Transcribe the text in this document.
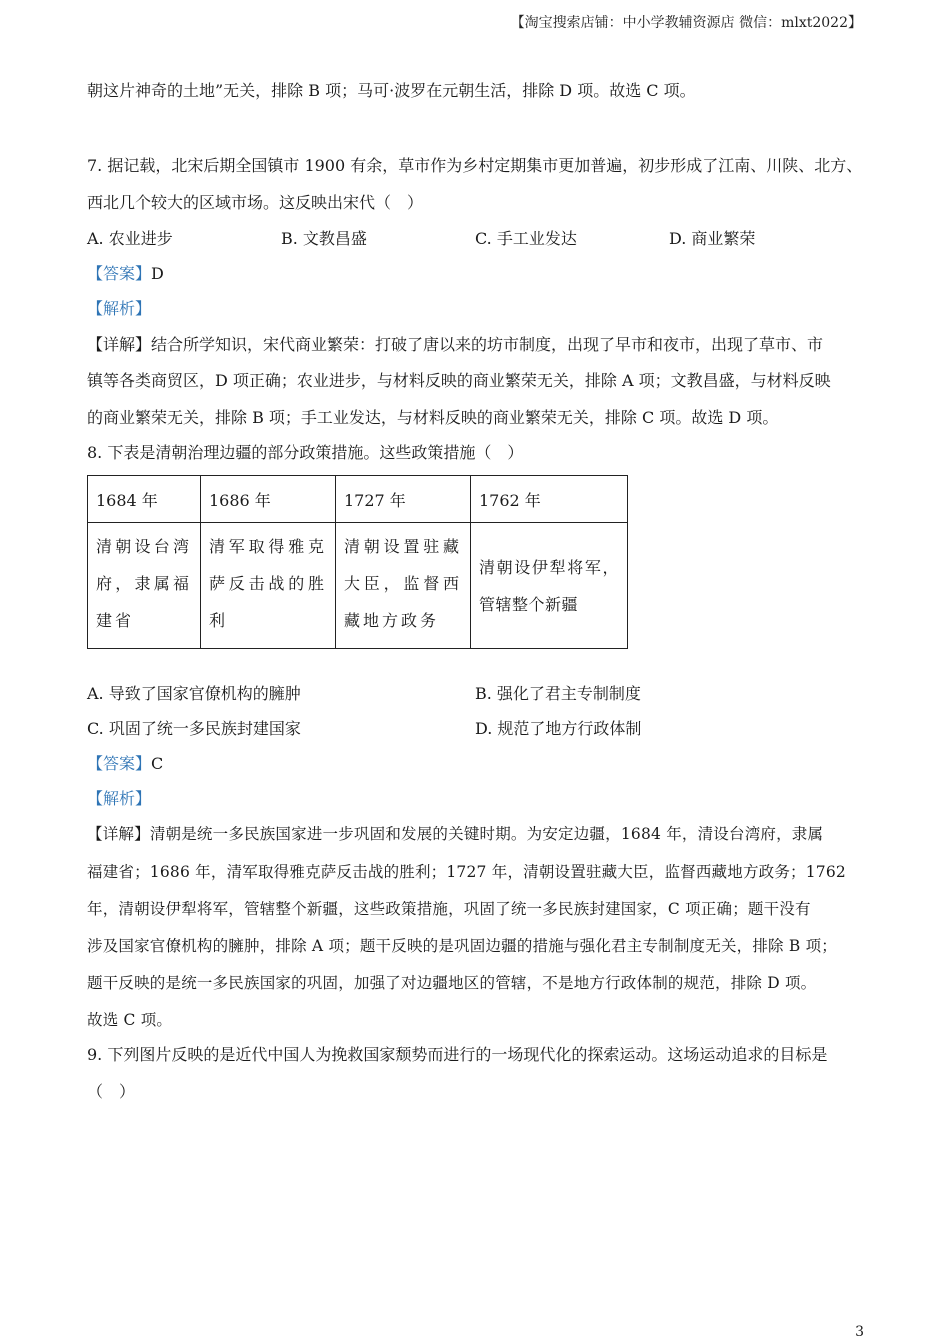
【淘宝搜索店铺：中小学教辅资源店 微信：mlxt2022】
朝这片神奇的土地”无关，排除 B 项；马可·波罗在元朝生活，排除 D 项。故选 C 项。
7. 据记载，北宋后期全国镇市 1900 有余，草市作为乡村定期集市更加普遍，初步形成了江南、川陕、北方、
西北几个较大的区域市场。这反映出宋代（　）
A. 农业进步	B. 文教昌盛	C. 手工业发达	D. 商业繁荣
【答案】D
【解析】
【详解】结合所学知识，宋代商业繁荣：打破了唐以来的坊市制度，出现了早市和夜市，出现了草市、市
镇等各类商贸区，D 项正确；农业进步，与材料反映的商业繁荣无关，排除 A 项；文教昌盛，与材料反映
的商业繁荣无关，排除 B 项；手工业发达，与材料反映的商业繁荣无关，排除 C 项。故选 D 项。
8. 下表是清朝治理边疆的部分政策措施。这些政策措施（　）
1684 年	1686 年	1727 年	1762 年
清朝设台湾府，隶属福建省	清军取得雅克萨反击战的胜利	清朝设置驻藏大臣，监督西藏地方政务	清朝设伊犁将军，管辖整个新疆
A. 导致了国家官僚机构的臃肿	B. 强化了君主专制制度
C. 巩固了统一多民族封建国家	D. 规范了地方行政体制
【答案】C
【解析】
【详解】清朝是统一多民族国家进一步巩固和发展的关键时期。为安定边疆，1684 年，清设台湾府，隶属
福建省；1686 年，清军取得雅克萨反击战的胜利；1727 年，清朝设置驻藏大臣，监督西藏地方政务；1762
年，清朝设伊犁将军，管辖整个新疆，这些政策措施，巩固了统一多民族封建国家，C 项正确；题干没有
涉及国家官僚机构的臃肿，排除 A 项；题干反映的是巩固边疆的措施与强化君主专制制度无关，排除 B 项；
题干反映的是统一多民族国家的巩固，加强了对边疆地区的管辖，不是地方行政体制的规范，排除 D 项。
故选 C 项。
9. 下列图片反映的是近代中国人为挽救国家颓势而进行的一场现代化的探索运动。这场运动追求的目标是
（　）
3
